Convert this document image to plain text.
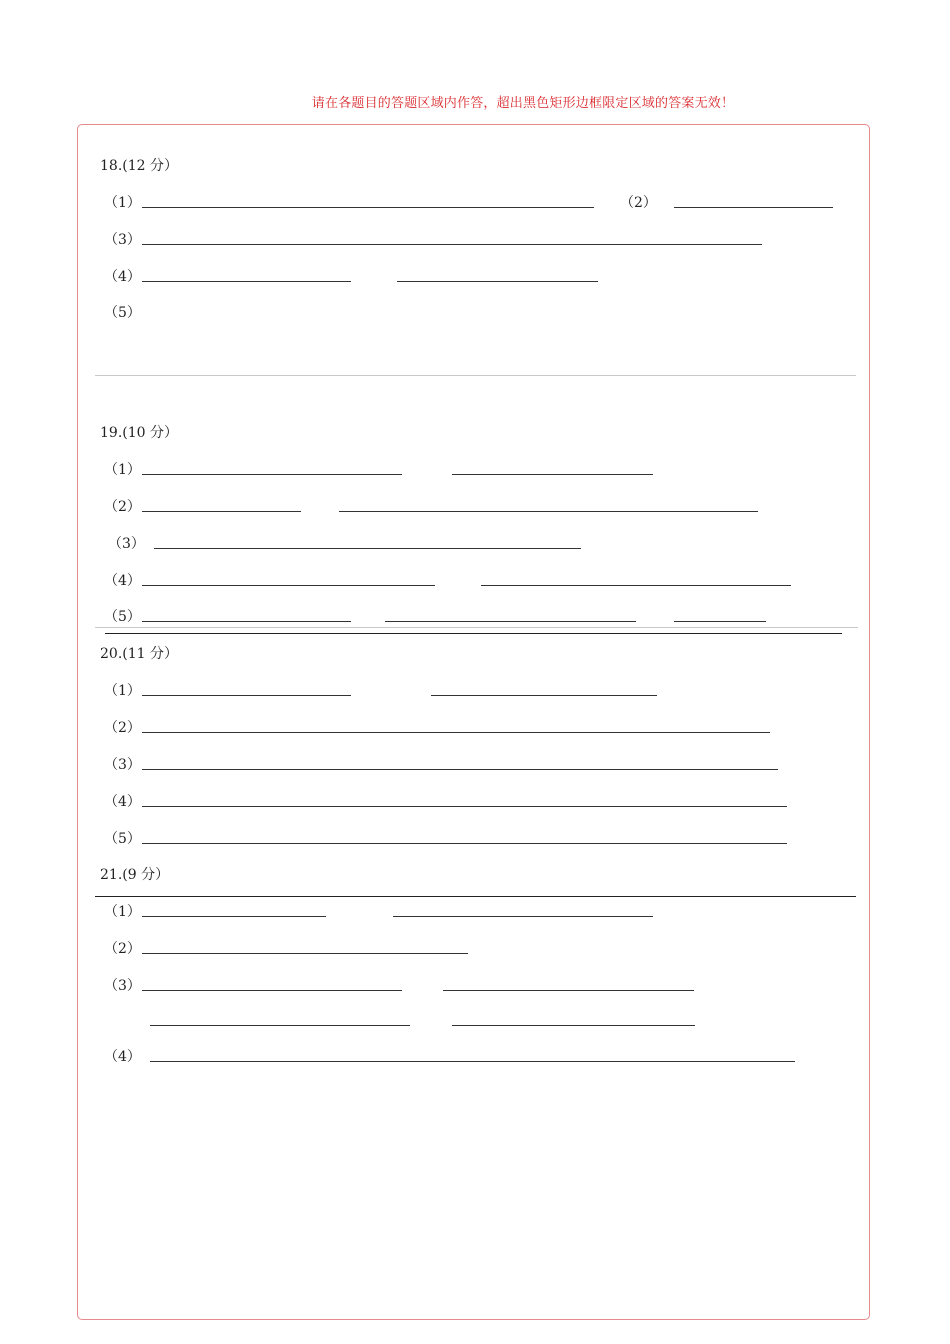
请在各题目的答题区域内作答，超出黑色矩形边框限定区域的答案无效！
18.(12 分）
（1）	（2）
（3）
（4）
（5）
19.(10 分）
（1）
（2）
（3）
（4）
（5）
20.(11 分）
（1）
（2）
（3）
（4）
（5）
21.(9 分）
（1）
（2）
（3）
（4）
